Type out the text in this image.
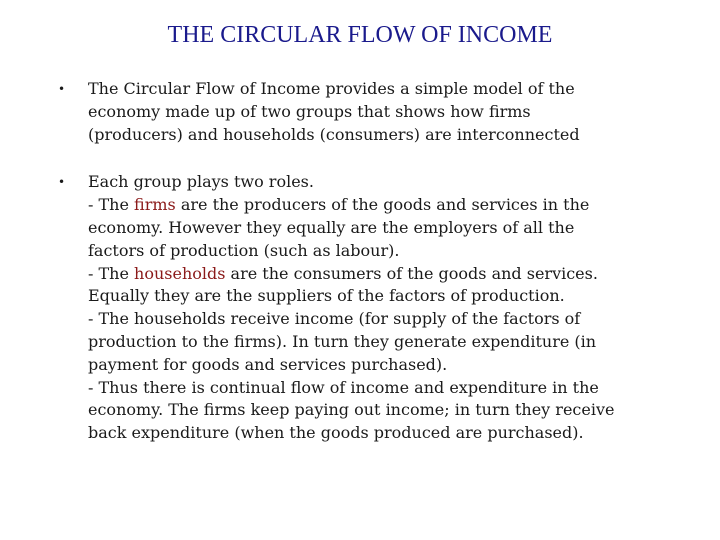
THE CIRCULAR FLOW OF INCOME
• The Circular Flow of Income provides a simple model of the
economy made up of two groups that shows how firms
(producers) and households (consumers) are interconnected
• Each group plays two roles.
- The firms are the producers of the goods and services in the
economy. However they equally are the employers of all the
factors of production (such as labour).
- The households are the consumers of the goods and services.
Equally they are the suppliers of the factors of production.
- The households receive income (for supply of the factors of
production to the firms). In turn they generate expenditure (in
payment for goods and services purchased).
- Thus there is continual flow of income and expenditure in the
economy. The firms keep paying out income; in turn they receive
back expenditure (when the goods produced are purchased).
